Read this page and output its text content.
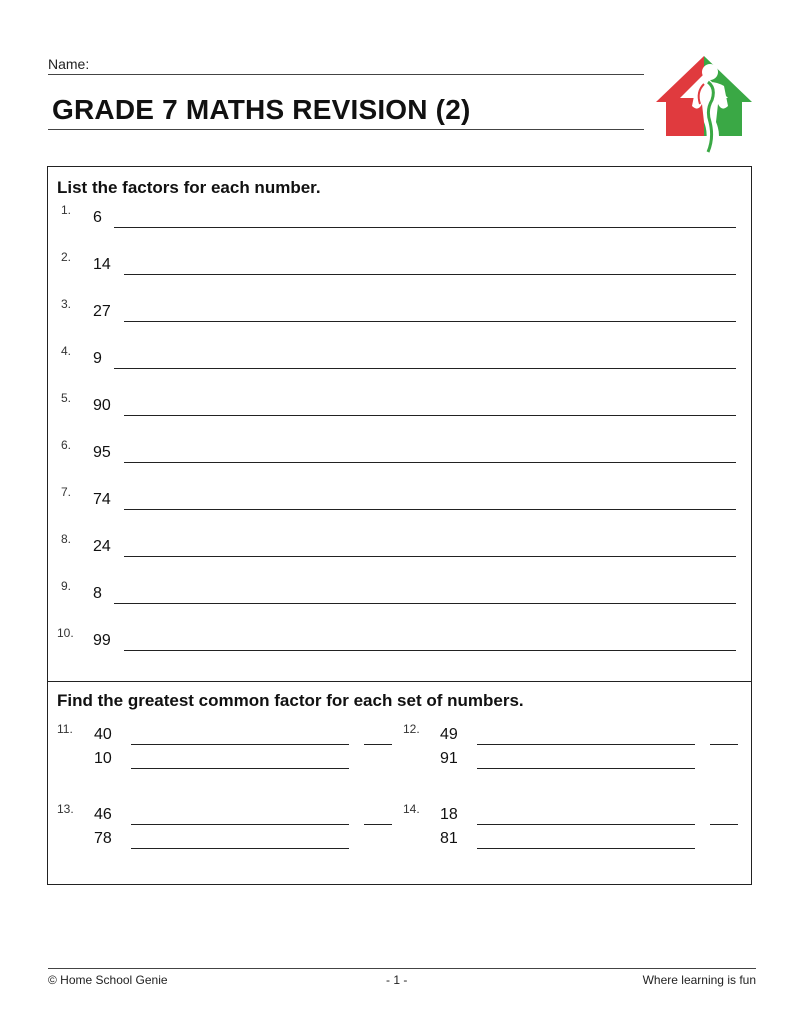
Name:
GRADE 7 MATHS REVISION (2)
List the factors for each number.
1. 6
2. 14
3. 27
4. 9
5. 90
6. 95
7. 74
8. 24
9. 8
10. 99
Find the greatest common factor for each set of numbers.
11. 40
10
12. 49
91
13. 46
78
14. 18
81
© Home School Genie	- 1 -	Where learning is fun
